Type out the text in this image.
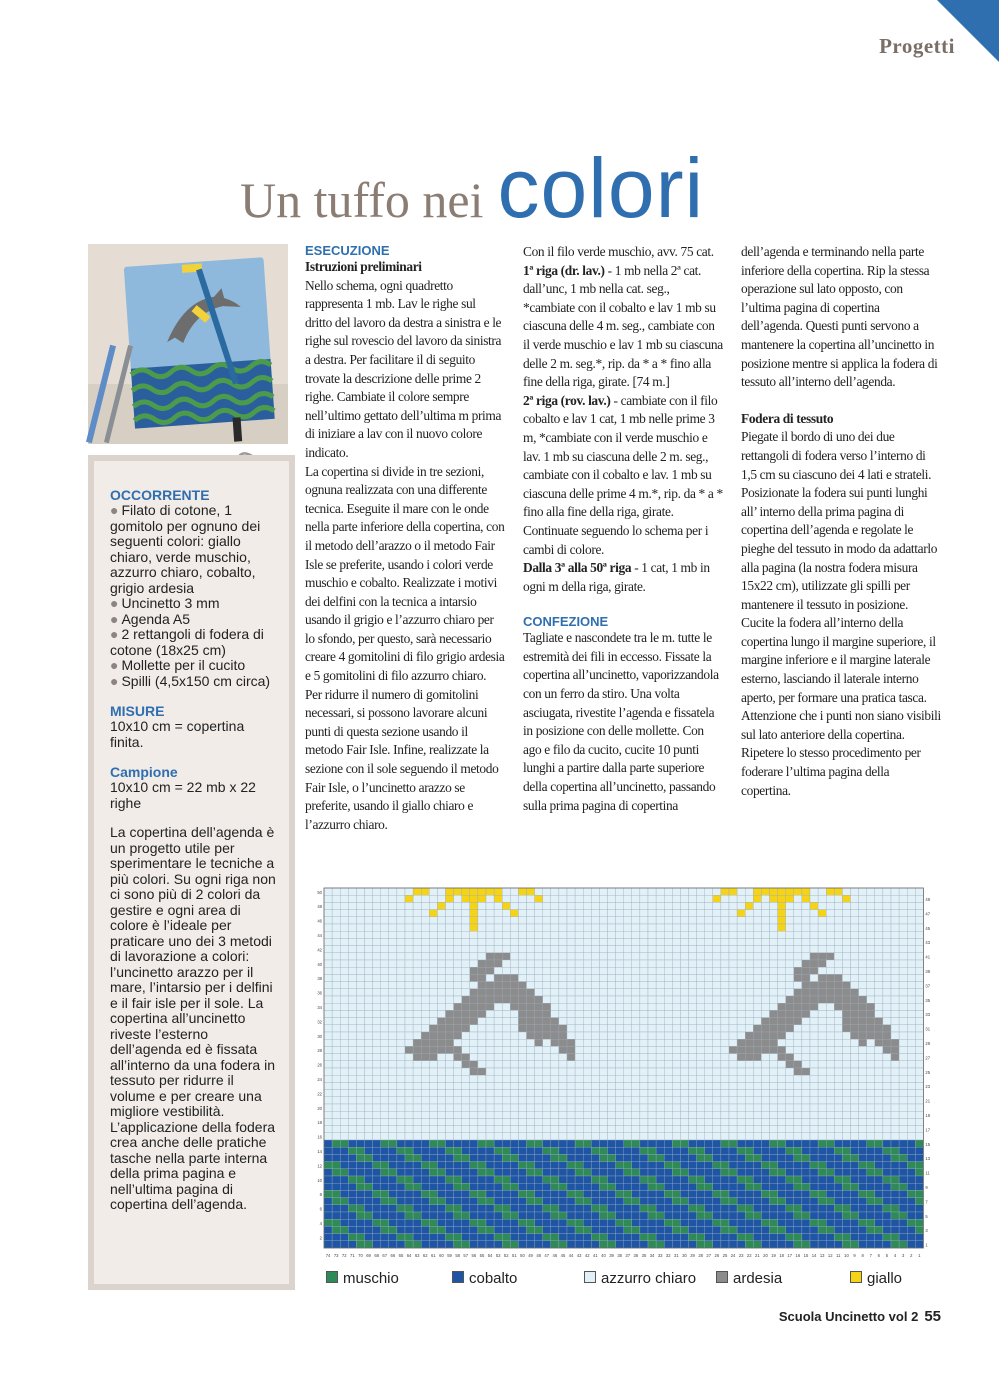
Progetti
Un tuffo nei colori
OCCORRENTE
● Filato di cotone, 1 gomitolo per ognuno dei seguenti colori: giallo chiaro, verde muschio, azzurro chiaro, cobalto, grigio ardesia
● Uncinetto 3 mm
● Agenda A5
● 2 rettangoli di fodera di cotone (18x25 cm)
● Mollette per il cucito
● Spilli (4,5x150 cm circa)
MISURE
10x10 cm = copertina finita.
Campione
10x10 cm = 22 mb x 22 righe
La copertina dell’agenda è un progetto utile per sperimentare le tecniche a più colori. Su ogni riga non ci sono più di 2 colori da gestire e ogni area di colore è l’ideale per praticare uno dei 3 metodi di lavorazione a colori: l’uncinetto arazzo per il mare, l’intarsio per i delfini e il fair isle per il sole. La copertina all’uncinetto riveste l’esterno dell’agenda ed è fissata all’interno da una fodera in tessuto per ridurre il volume e per creare una migliore vestibilità. L’applicazione della fodera crea anche delle pratiche tasche nella parte interna della prima pagina e nell’ultima pagina di copertina dell’agenda.

ESECUZIONE

Istruzioni preliminari

Nello schema, ogni quadretto rappresenta 1 mb. Lav le righe sul dritto del lavoro da destra a sinistra e le righe sul rovescio del lavoro da sinistra a destra. Per facilitare il di seguito trovate la descrizione delle prime 2 righe. Cambiate il colore sempre nell’ultimo gettato dell’ultima m prima di iniziare a lav con il nuovo colore indicato.

La copertina si divide in tre sezioni, ognuna realizzata con una differente tecnica. Eseguite il mare con le onde nella parte inferiore della copertina, con il metodo dell’arazzo o il metodo Fair Isle se preferite, usando i colori verde muschio e cobalto. Realizzate i motivi dei delfini con la tecnica a intarsio usando il grigio e l’azzurro chiaro per lo sfondo, per questo, sarà necessario creare 4 gomitolini di filo grigio ardesia e 5 gomitolini di filo azzurro chiaro. Per ridurre il numero di gomitolini necessari, si possono lavorare alcuni punti di questa sezione usando il metodo Fair Isle. Infine, realizzate la sezione con il sole seguendo il metodo Fair Isle, o l’uncinetto arazzo se preferite, usando il giallo chiaro e l’azzurro chiaro.

Con il filo verde muschio, avv. 75 cat.

1ª riga (dr. lav.) - 1 mb nella 2ª cat. dall’unc, 1 mb nella cat. seg., *cambiate con il cobalto e lav 1 mb su ciascuna delle 4 m. seg., cambiate con il verde muschio e lav 1 mb su ciascuna delle 2 m. seg.*, rip. da * a * fino alla fine della riga, girate. [74 m.]

2ª riga (rov. lav.) - cambiate con il filo cobalto e lav 1 cat, 1 mb nelle prime 3 m, *cambiate con il verde muschio e lav. 1 mb su ciascuna delle 2 m. seg., cambiate con il cobalto e lav. 1 mb su ciascuna delle prime 4 m.*, rip. da * a * fino alla fine della riga, girate.

Continuate seguendo lo schema per i cambi di colore.

Dalla 3ª alla 50ª riga - 1 cat, 1 mb in ogni m della riga, girate.

CONFEZIONE

Tagliate e nascondete tra le m. tutte le estremità dei fili in eccesso. Fissate la copertina all’uncinetto, vaporizzandola con un ferro da stiro. Una volta asciugata, rivestite l’agenda e fissatela in posizione con delle mollette. Con ago e filo da cucito, cucite 10 punti lunghi a partire dalla parte superiore della copertina all’uncinetto, passando sulla prima pagina di copertina

dell’agenda e terminando nella parte inferiore della copertina. Rip la stessa operazione sul lato opposto, con l’ultima pagina di copertina dell’agenda. Questi punti servono a mantenere la copertina all’uncinetto in posizione mentre si applica la fodera di tessuto all’interno dell’agenda.

Fodera di tessuto

Piegate il bordo di uno dei due rettangoli di fodera verso l’interno di 1,5 cm su ciascuno dei 4 lati e strateli. Posizionate la fodera sui punti lunghi all’ interno della prima pagina di copertina dell’agenda e regolate le pieghe del tessuto in modo da adattarlo alla pagina (la nostra fodera misura 15x22 cm), utilizzate gli spilli per mantenere il tessuto in posizione. Cucite la fodera all’interno della copertina lungo il margine superiore, il margine inferiore e il margine laterale esterno, lasciando il laterale interno aperto, per formare una pratica tasca. Attenzione che i punti non siano visibili sul lato anteriore della copertina.

Ripetere lo stesso procedimento per foderare l’ultima pagina della copertina.

74 73 72 71 70 69 68 67 66 65 64 63 62 61 60 59 58 57 56 55 54 53 52 51 50 49 48 47 46 45 44 43 42 41 40 39 38 37 36 35 34 33 32 31 30 29 28 27 26 25 24 23 22 21 20 19 18 17 16 15 14 13 12 11 10 9 8 7 6 5 4 3 2 1
50
48
46
44
42
40
38
36
34
32
30
28
26
24
22
20
18
16
14
12
10
8
6
4
2
49
47
45
43
41
39
37
35
33
31
29
27
25
23
21
19
17
15
13
11
9
7
5
3
1
muschio	cobalto	azzurro chiaro	ardesia	giallo
Scuola Uncinetto vol 2 55
